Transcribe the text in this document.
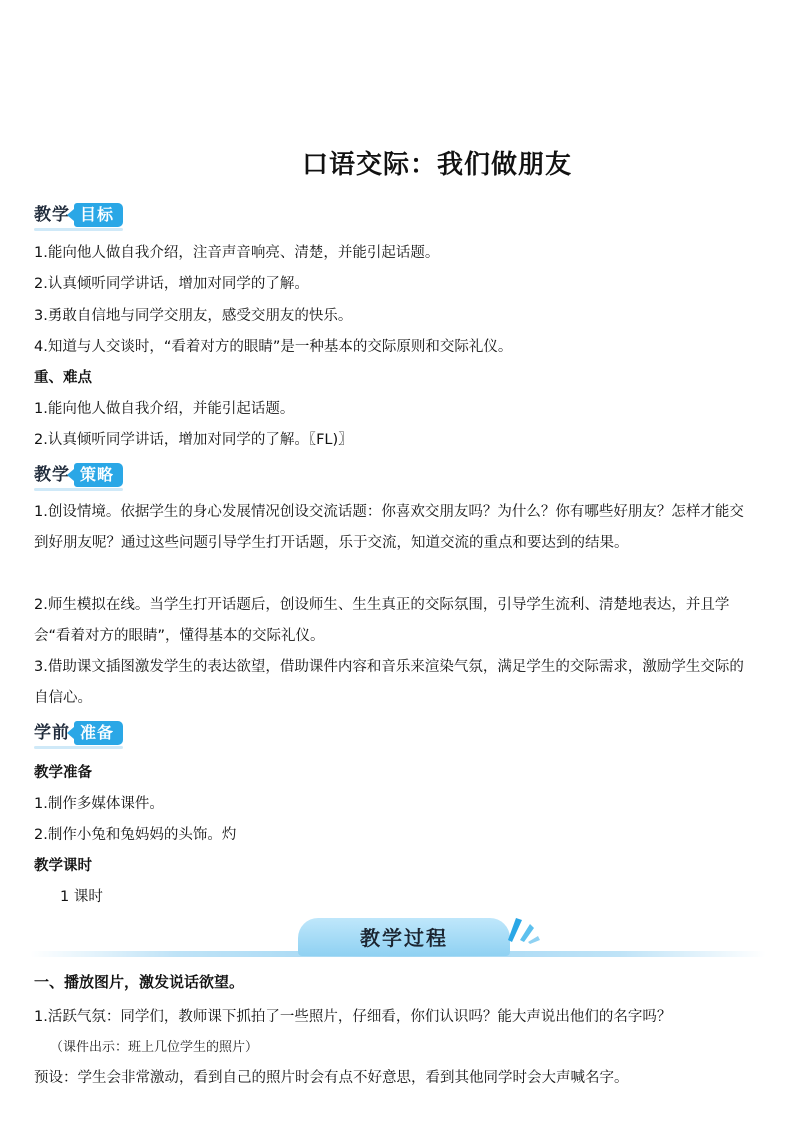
口语交际：我们做朋友
教学 目标
1.能向他人做自我介绍，注音声音响亮、清楚，并能引起话题。
2.认真倾听同学讲话，增加对同学的了解。
3.勇敢自信地与同学交朋友，感受交朋友的快乐。
4.知道与人交谈时，“看着对方的眼睛”是一种基本的交际原则和交际礼仪。
重、难点
1.能向他人做自我介绍，并能引起话题。
2.认真倾听同学讲话，增加对同学的了解。〖FL)〗
教学 策略
1.创设情境。依据学生的身心发展情况创设交流话题：你喜欢交朋友吗？为什么？你有哪些好朋友？怎样才能交到好朋友呢？通过这些问题引导学生打开话题，乐于交流，知道交流的重点和要达到的结果。
2.师生模拟在线。当学生打开话题后，创设师生、生生真正的交际氛围，引导学生流利、清楚地表达，并且学会“看着对方的眼睛”，懂得基本的交际礼仪。
3.借助课文插图激发学生的表达欲望，借助课件内容和音乐来渲染气氛，满足学生的交际需求，激励学生交际的自信心。
学前 准备
教学准备
1.制作多媒体课件。
2.制作小兔和兔妈妈的头饰。灼
教学课时
1 课时
教学过程
一、播放图片，激发说话欲望。
1.活跃气氛：同学们，教师课下抓拍了一些照片，仔细看，你们认识吗？能大声说出他们的名字吗？
（课件出示：班上几位学生的照片）
预设：学生会非常激动，看到自己的照片时会有点不好意思，看到其他同学时会大声喊名字。
